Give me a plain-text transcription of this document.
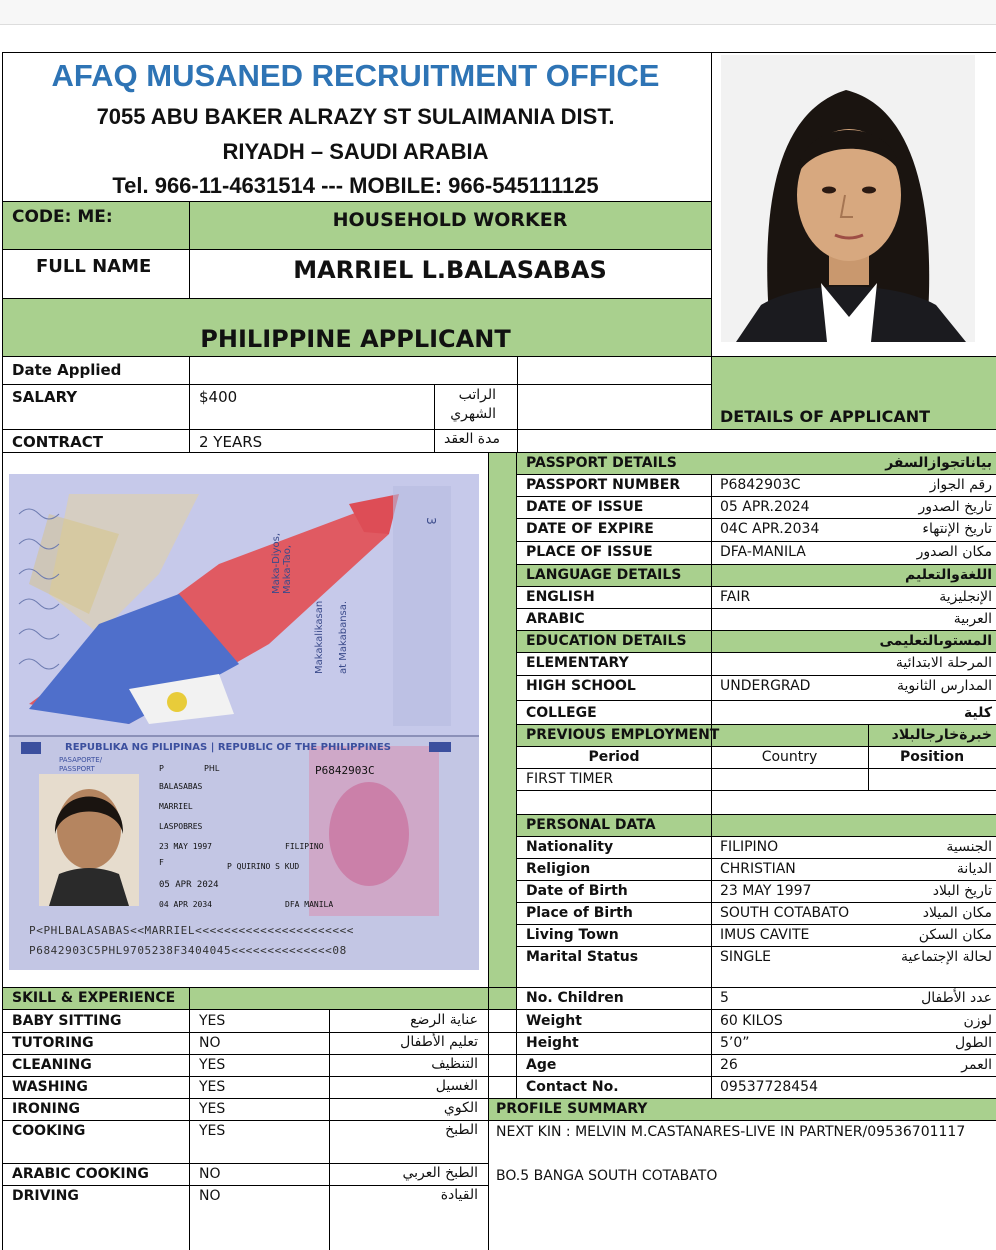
AFAQ MUSANED RECRUITMENT OFFICE
7055 ABU BAKER ALRAZY ST SULAIMANIA DIST.
RIYADH – SAUDI ARABIA
Tel. 966-11-4631514 --- MOBILE: 966-545111125
CODE: ME:	HOUSEHOLD WORKER
FULL NAME	MARRIEL L.BALASABAS
PHILIPPINE APPLICANT
DETAILS OF APPLICANT
Date Applied
SALARY	$400	الراتب الشهري
CONTRACT	2 YEARS	مدة العقد
Maka-Diyos, Maka-Tao,
Makakalikasan at Makabansa.
3
REPUBLIKA NG PILIPINAS | REPUBLIC OF THE PHILIPPINES
PASAPORTE/ PASSPORT	P	PHL	P6842903C
BALASABAS
MARRIEL
LASPOBRES
23 MAY 1997	FILIPINO
F	P QUIRINO S KUD
05 APR 2024
04 APR 2034	DFA MANILA
P<PHLBALASABAS<<MARRIEL<<<<<<<<<<<<<<<<<<<<<<
P6842903C5PHL9705238F3404045<<<<<<<<<<<<<<08
PASSPORT DETAILS	بياناتجوازالسفر
PASSPORT NUMBER	P6842903C	رقم الجواز
DATE OF ISSUE	05 APR.2024	تاريخ الصدور
DATE OF EXPIRE	04C APR.2034	تاريخ الإنتهاء
PLACE OF ISSUE	DFA-MANILA	مكان الصدور
LANGUAGE DETAILS	اللغةوالتعليم
ENGLISH	FAIR	الإنجليزية
ARABIC	العربية
EDUCATION DETAILS	المستوىالتعليمى
ELEMENTARY	المرحلة الابتدائية
HIGH SCHOOL	UNDERGRAD	المدارس الثانوية
COLLEGE	كلية
PREVIOUS EMPLOYMENT	خبرةخارجالبلاد
Period	Country	Position
FIRST TIMER
PERSONAL DATA
Nationality	FILIPINO	الجنسية
Religion	CHRISTIAN	الديانة
Date of Birth	23 MAY 1997	تاريخ البلاد
Place of Birth	SOUTH COTABATO	مكان الميلاد
Living Town	IMUS CAVITE	مكان السكن
Marital Status	SINGLE	لحالة الإجتماعية
No. Children	5	عدد الأطفال
Weight	60 KILOS	لوزن
Height	5’0”	الطول
Age	26	العمر
Contact No.	09537728454
SKILL & EXPERIENCE
BABY SITTING	YES	عناية الرضع
TUTORING	NO	تعليم الأطفال
CLEANING	YES	التنظيف
WASHING	YES	الغسيل
IRONING	YES	الكوي
COOKING	YES	الطبخ
ARABIC COOKING	NO	الطبخ العربي
DRIVING	NO	القيادة
PROFILE SUMMARY
NEXT KIN : MELVIN M.CASTANARES-LIVE IN PARTNER/09536701117
BO.5 BANGA SOUTH COTABATO
